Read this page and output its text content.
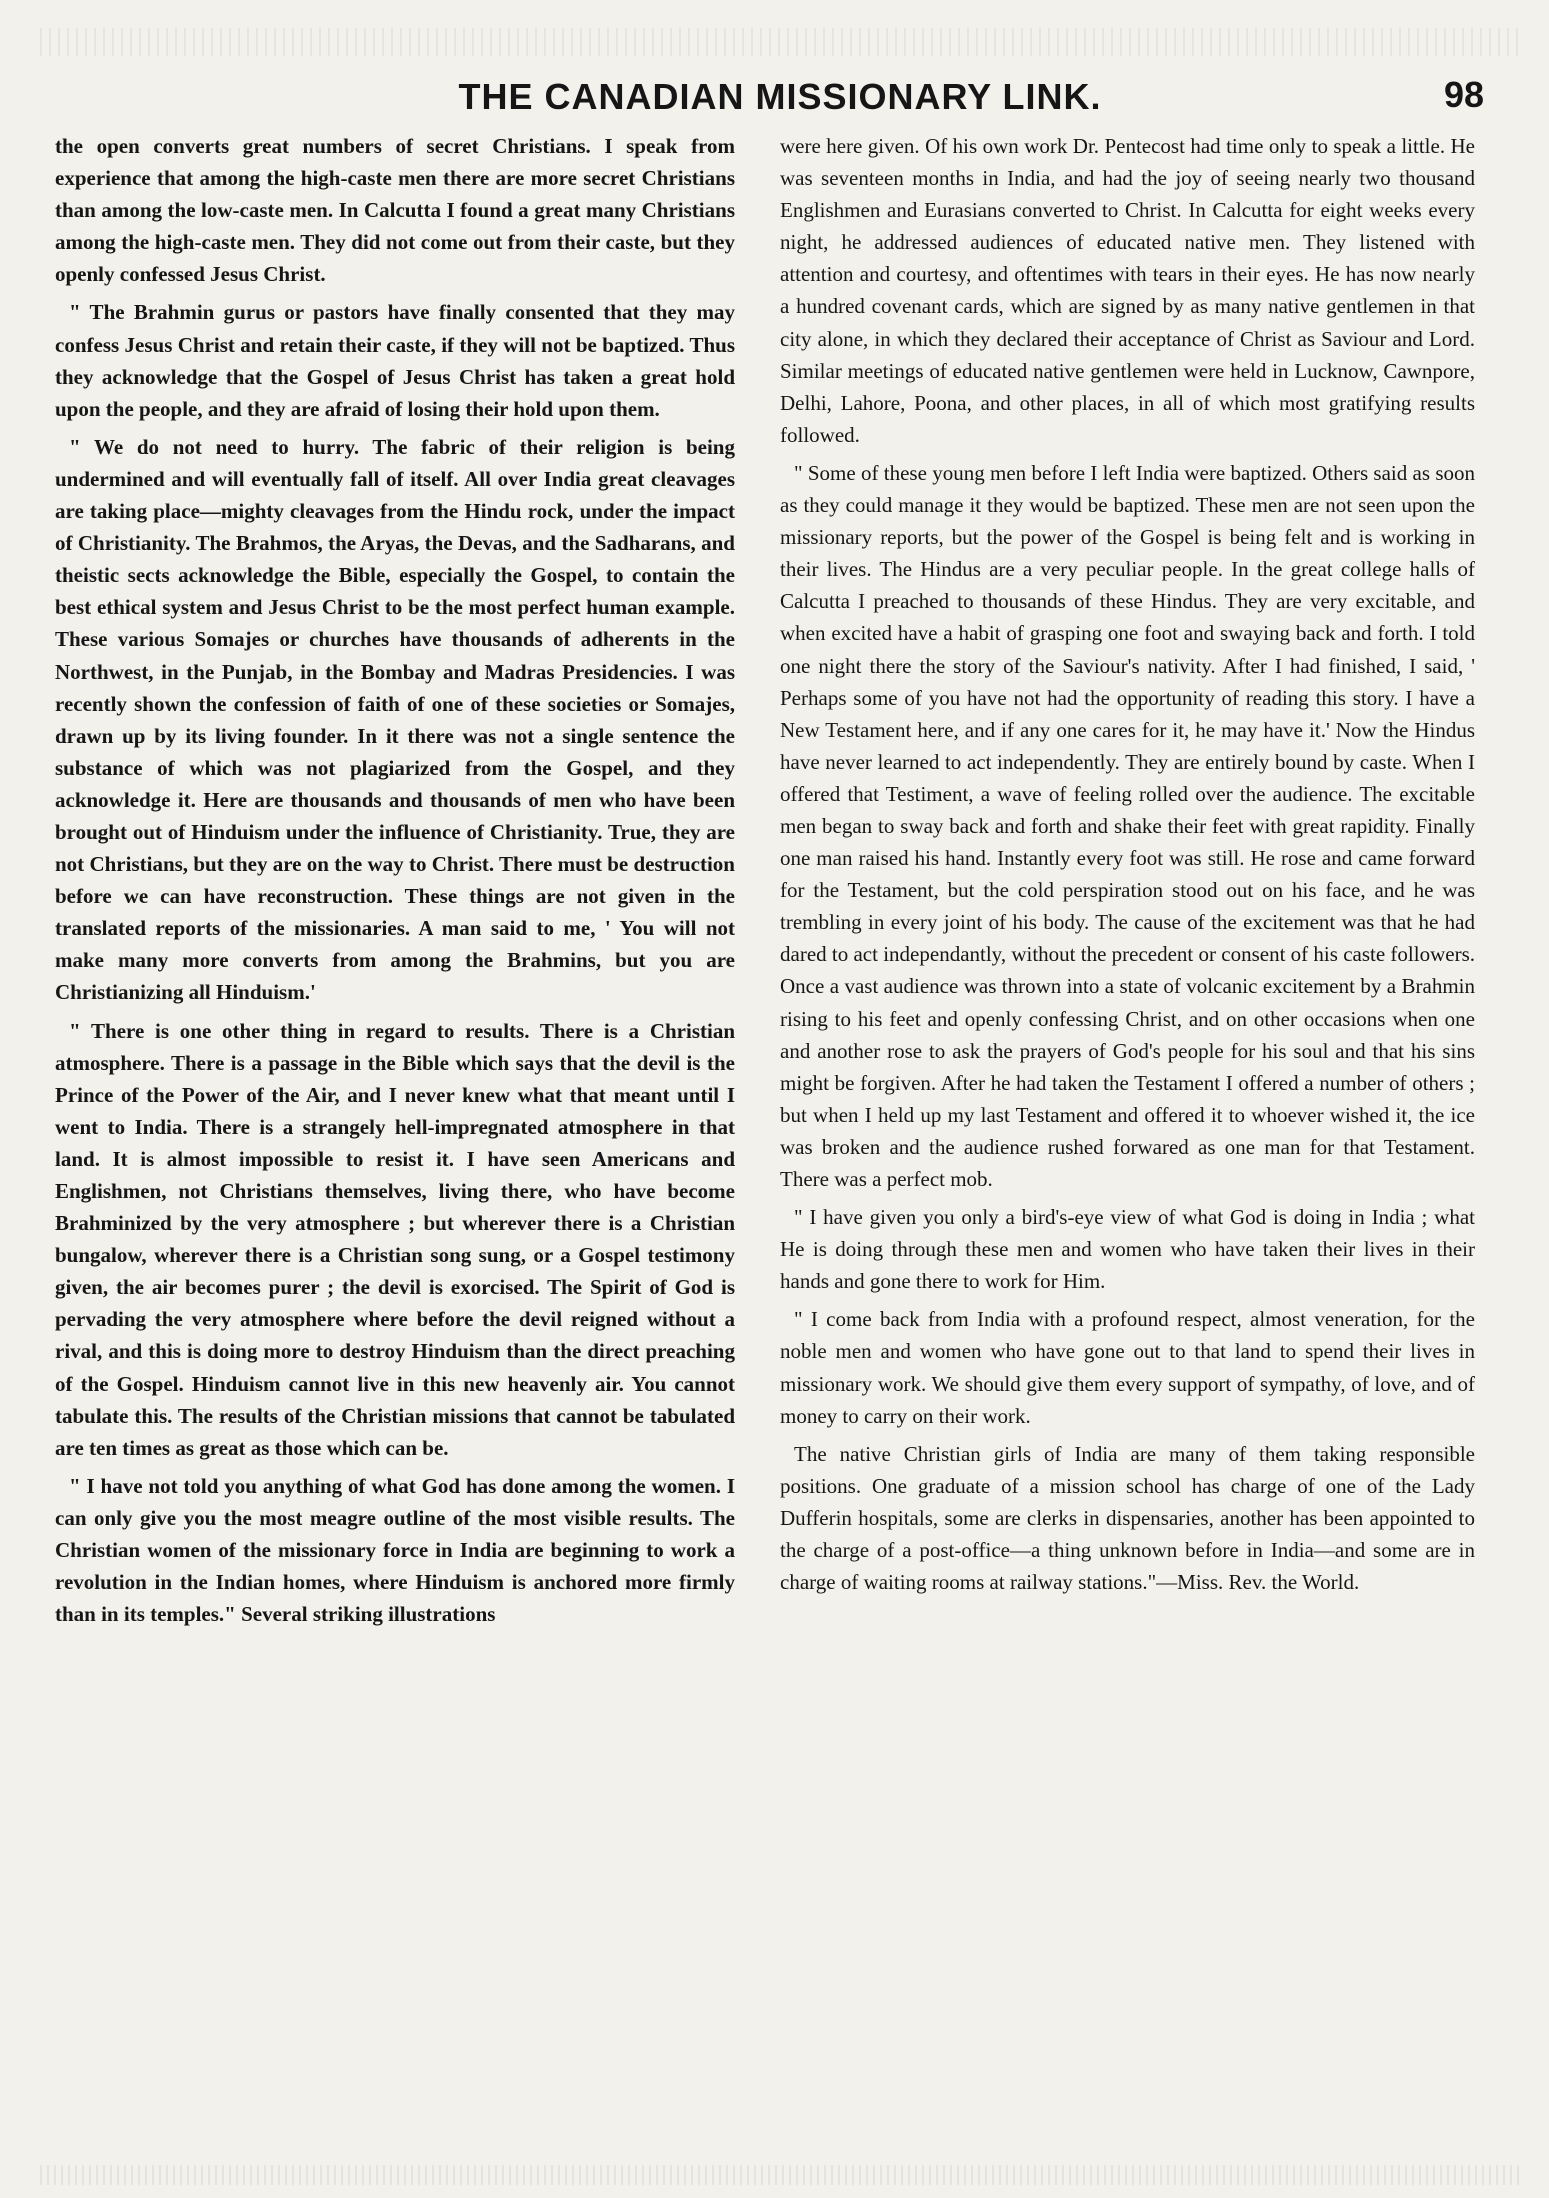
THE CANADIAN MISSIONARY LINK.	98

the open converts great numbers of secret Christians. I speak from experience that among the high-caste men there are more secret Christians than among the low-caste men. In Calcutta I found a great many Christians among the high-caste men. They did not come out from their caste, but they openly confessed Jesus Christ.

" The Brahmin gurus or pastors have finally consented that they may confess Jesus Christ and retain their caste, if they will not be baptized. Thus they acknowledge that the Gospel of Jesus Christ has taken a great hold upon the people, and they are afraid of losing their hold upon them.

" We do not need to hurry. The fabric of their religion is being undermined and will eventually fall of itself. All over India great cleavages are taking place—mighty cleavages from the Hindu rock, under the impact of Christianity. The Brahmos, the Aryas, the Devas, and the Sadharans, and theistic sects acknowledge the Bible, especially the Gospel, to contain the best ethical system and Jesus Christ to be the most perfect human example. These various Somajes or churches have thousands of adherents in the Northwest, in the Punjab, in the Bombay and Madras Presidencies. I was recently shown the confession of faith of one of these societies or Somajes, drawn up by its living founder. In it there was not a single sentence the substance of which was not plagiarized from the Gospel, and they acknowledge it. Here are thousands and thousands of men who have been brought out of Hinduism under the influence of Christianity. True, they are not Christians, but they are on the way to Christ. There must be destruction before we can have reconstruction. These things are not given in the translated reports of the missionaries. A man said to me, ' You will not make many more converts from among the Brahmins, but you are Christianizing all Hinduism.'

" There is one other thing in regard to results. There is a Christian atmosphere. There is a passage in the Bible which says that the devil is the Prince of the Power of the Air, and I never knew what that meant until I went to India. There is a strangely hell-impregnated atmosphere in that land. It is almost impossible to resist it. I have seen Americans and Englishmen, not Christians themselves, living there, who have become Brahminized by the very atmosphere ; but wherever there is a Christian bungalow, wherever there is a Christian song sung, or a Gospel testimony given, the air becomes purer ; the devil is exorcised. The Spirit of God is pervading the very atmosphere where before the devil reigned without a rival, and this is doing more to destroy Hinduism than the direct preaching of the Gospel. Hinduism cannot live in this new heavenly air. You cannot tabulate this. The results of the Christian missions that cannot be tabulated are ten times as great as those which can be.

" I have not told you anything of what God has done among the women. I can only give you the most meagre outline of the most visible results. The Christian women of the missionary force in India are beginning to work a revolution in the Indian homes, where Hinduism is anchored more firmly than in its temples." Several striking illustrations

were here given. Of his own work Dr. Pentecost had time only to speak a little. He was seventeen months in India, and had the joy of seeing nearly two thousand Englishmen and Eurasians converted to Christ. In Calcutta for eight weeks every night, he addressed audiences of educated native men. They listened with attention and courtesy, and oftentimes with tears in their eyes. He has now nearly a hundred covenant cards, which are signed by as many native gentlemen in that city alone, in which they declared their acceptance of Christ as Saviour and Lord. Similar meetings of educated native gentlemen were held in Lucknow, Cawnpore, Delhi, Lahore, Poona, and other places, in all of which most gratifying results followed.

" Some of these young men before I left India were baptized. Others said as soon as they could manage it they would be baptized. These men are not seen upon the missionary reports, but the power of the Gospel is being felt and is working in their lives. The Hindus are a very peculiar people. In the great college halls of Calcutta I preached to thousands of these Hindus. They are very excitable, and when excited have a habit of grasping one foot and swaying back and forth. I told one night there the story of the Saviour's nativity. After I had finished, I said, ' Perhaps some of you have not had the opportunity of reading this story. I have a New Testament here, and if any one cares for it, he may have it.' Now the Hindus have never learned to act independently. They are entirely bound by caste. When I offered that Testiment, a wave of feeling rolled over the audience. The excitable men began to sway back and forth and shake their feet with great rapidity. Finally one man raised his hand. Instantly every foot was still. He rose and came forward for the Testament, but the cold perspiration stood out on his face, and he was trembling in every joint of his body. The cause of the excitement was that he had dared to act independantly, without the precedent or consent of his caste followers. Once a vast audience was thrown into a state of volcanic excitement by a Brahmin rising to his feet and openly confessing Christ, and on other occasions when one and another rose to ask the prayers of God's people for his soul and that his sins might be forgiven. After he had taken the Testament I offered a number of others ; but when I held up my last Testament and offered it to whoever wished it, the ice was broken and the audience rushed forwared as one man for that Testament. There was a perfect mob.

" I have given you only a bird's-eye view of what God is doing in India ; what He is doing through these men and women who have taken their lives in their hands and gone there to work for Him.

" I come back from India with a profound respect, almost veneration, for the noble men and women who have gone out to that land to spend their lives in missionary work. We should give them every support of sympathy, of love, and of money to carry on their work.

The native Christian girls of India are many of them taking responsible positions. One graduate of a mission school has charge of one of the Lady Dufferin hospitals, some are clerks in dispensaries, another has been appointed to the charge of a post-office—a thing unknown before in India—and some are in charge of waiting rooms at railway stations."—Miss. Rev. the World.
